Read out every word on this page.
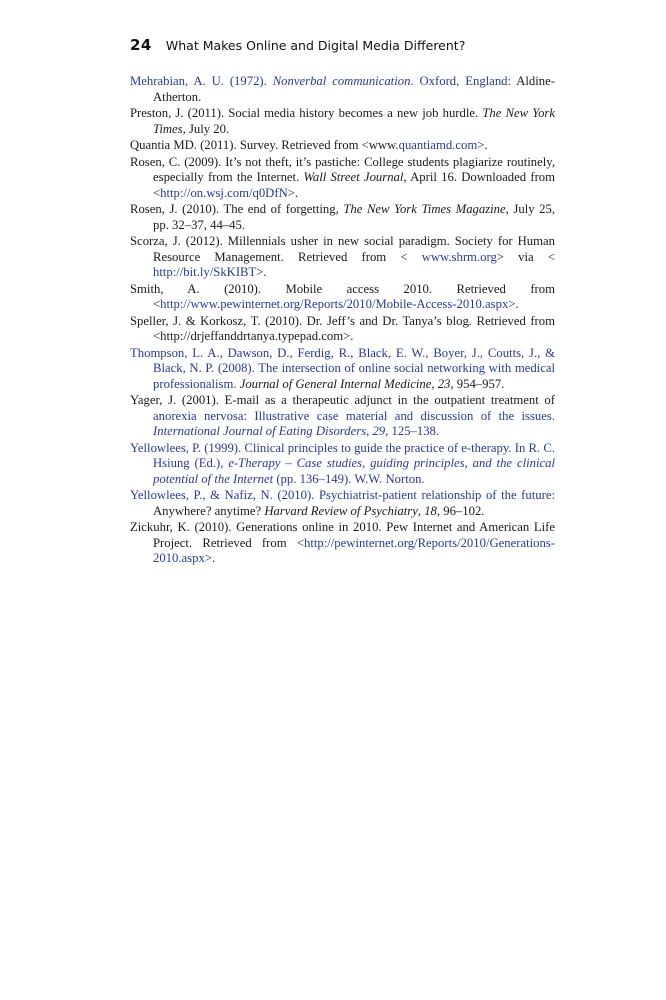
24 What Makes Online and Digital Media Different?

Mehrabian, A. U. (1972). Nonverbal communication. Oxford, England: Aldine-Atherton.

Preston, J. (2011). Social media history becomes a new job hurdle. The New York Times, July 20.

Quantia MD. (2011). Survey. Retrieved from <www.quantiamd.com>.

Rosen, C. (2009). It’s not theft, it’s pastiche: College students plagiarize routinely, especially from the Internet. Wall Street Journal, April 16. Downloaded from <http://on.wsj.com/q0DfN>.

Rosen, J. (2010). The end of forgetting, The New York Times Magazine, July 25, pp. 32–37, 44–45.

Scorza, J. (2012). Millennials usher in new social paradigm. Society for Human Resource Management. Retrieved from < www.shrm.org> via < http://bit.ly/SkKIBT>.

Smith, A. (2010). Mobile access 2010. Retrieved from <http://www.pewinternet.org/Reports/2010/Mobile-Access-2010.aspx>.

Speller, J. & Korkosz, T. (2010). Dr. Jeff’s and Dr. Tanya’s blog. Retrieved from <http://drjeffanddrtanya.typepad.com>.

Thompson, L. A., Dawson, D., Ferdig, R., Black, E. W., Boyer, J., Coutts, J., & Black, N. P. (2008). The intersection of online social networking with medical professionalism. Journal of General Internal Medicine, 23, 954–957.

Yager, J. (2001). E-mail as a therapeutic adjunct in the outpatient treatment of anorexia nervosa: Illustrative case material and discussion of the issues. International Journal of Eating Disorders, 29, 125–138.

Yellowlees, P. (1999). Clinical principles to guide the practice of e-therapy. In R. C. Hsiung (Ed.), e-Therapy – Case studies, guiding principles, and the clinical potential of the Internet (pp. 136–149). W.W. Norton.

Yellowlees, P., & Nafiz, N. (2010). Psychiatrist-patient relationship of the future: Anywhere? anytime? Harvard Review of Psychiatry, 18, 96–102.

Zickuhr, K. (2010). Generations online in 2010. Pew Internet and American Life Project. Retrieved from <http://pewinternet.org/Reports/2010/Generations-2010.aspx>.
